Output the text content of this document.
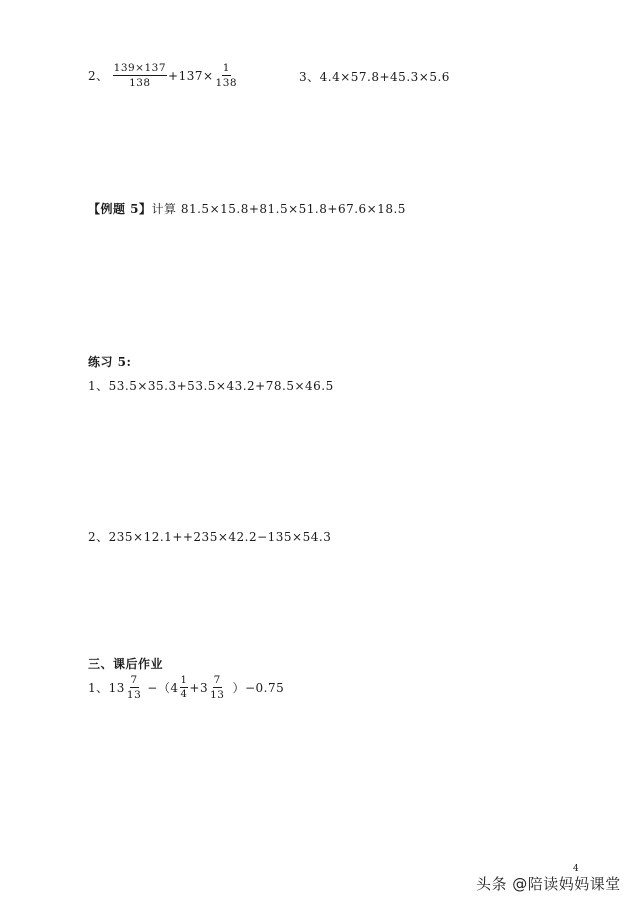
2、 $\frac{139\times 137}{138} +137\times \frac{1}{138}$	3、4.4×57.8+45.3×5.6
【例题 5】计算 81.5×15.8+81.5×51.8+67.6×18.5
练习 5:
1、53.5×35.3+53.5×43.2+78.5×46.5
2、235×12.1++235×42.2−135×54.3
三、课后作业
1、 $13 \frac{7}{13}$ −（ $4 \frac{1}{4} + 3 \frac{7}{13} )-0.75$
4
头条 @陪读妈妈课堂
